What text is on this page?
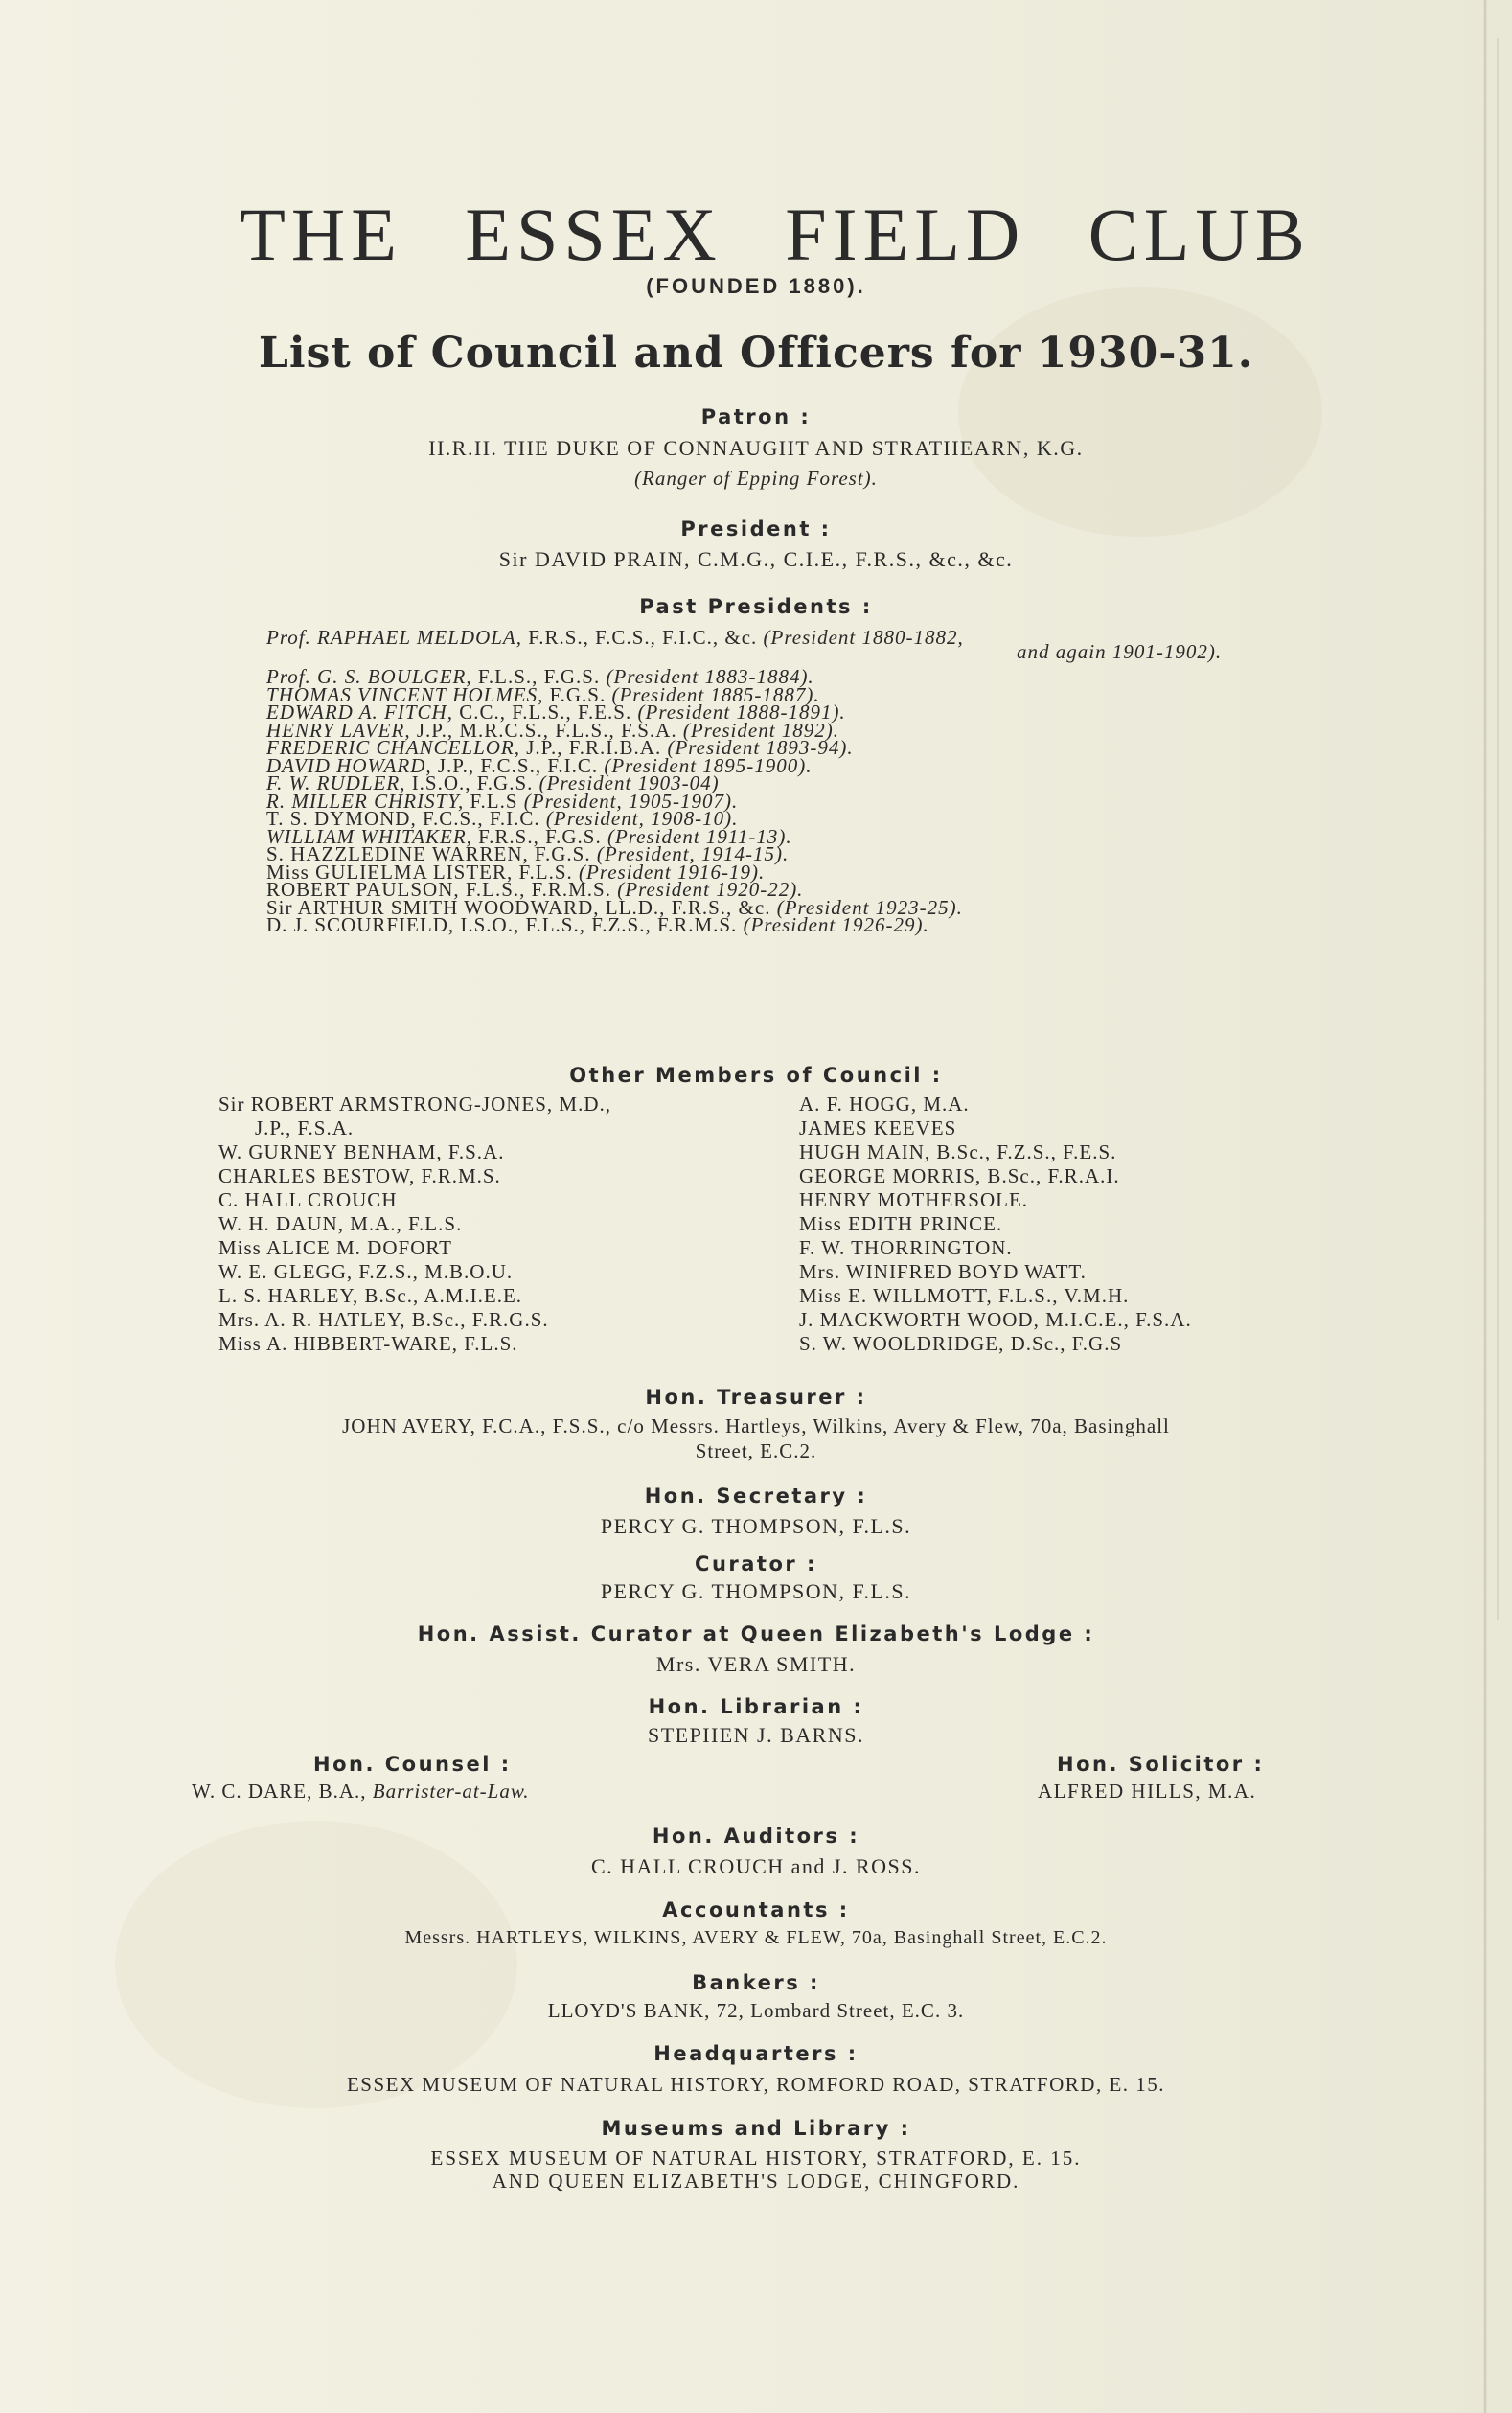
THE ESSEX FIELD CLUB
(FOUNDED 1880).
List of Council and Officers for 1930-31.
Patron :
H.R.H. THE DUKE OF CONNAUGHT AND STRATHEARN, K.G.
(Ranger of Epping Forest).
President :
Sir DAVID PRAIN, C.M.G., C.I.E., F.R.S., &c., &c.
Past Presidents :
Prof. RAPHAEL MELDOLA, F.R.S., F.C.S., F.I.C., &c. (President 1880-1882,
and again 1901-1902).
Prof. G. S. BOULGER, F.L.S., F.G.S. (President 1883-1884).
THOMAS VINCENT HOLMES, F.G.S. (President 1885-1887).
EDWARD A. FITCH, C.C., F.L.S., F.E.S. (President 1888-1891).
HENRY LAVER, J.P., M.R.C.S., F.L.S., F.S.A. (President 1892).
FREDERIC CHANCELLOR, J.P., F.R.I.B.A. (President 1893-94).
DAVID HOWARD, J.P., F.C.S., F.I.C. (President 1895-1900).
F. W. RUDLER, I.S.O., F.G.S. (President 1903-04)
R. MILLER CHRISTY, F.L.S (President, 1905-1907).
T. S. DYMOND, F.C.S., F.I.C. (President, 1908-10).
WILLIAM WHITAKER, F.R.S., F.G.S. (President 1911-13).
S. HAZZLEDINE WARREN, F.G.S. (President, 1914-15).
Miss GULIELMA LISTER, F.L.S. (President 1916-19).
ROBERT PAULSON, F.L.S., F.R.M.S. (President 1920-22).
Sir ARTHUR SMITH WOODWARD, LL.D., F.R.S., &c. (President 1923-25).
D. J. SCOURFIELD, I.S.O., F.L.S., F.Z.S., F.R.M.S. (President 1926-29).
Other Members of Council :
Sir ROBERT ARMSTRONG-JONES, M.D.,
J.P., F.S.A.
W. GURNEY BENHAM, F.S.A.
CHARLES BESTOW, F.R.M.S.
C. HALL CROUCH
W. H. DAUN, M.A., F.L.S.
Miss ALICE M. DOFORT
W. E. GLEGG, F.Z.S., M.B.O.U.
L. S. HARLEY, B.Sc., A.M.I.E.E.
Mrs. A. R. HATLEY, B.Sc., F.R.G.S.
Miss A. HIBBERT-WARE, F.L.S.
A. F. HOGG, M.A.
JAMES KEEVES
HUGH MAIN, B.Sc., F.Z.S., F.E.S.
GEORGE MORRIS, B.Sc., F.R.A.I.
HENRY MOTHERSOLE.
Miss EDITH PRINCE.
F. W. THORRINGTON.
Mrs. WINIFRED BOYD WATT.
Miss E. WILLMOTT, F.L.S., V.M.H.
J. MACKWORTH WOOD, M.I.C.E., F.S.A.
S. W. WOOLDRIDGE, D.Sc., F.G.S
Hon. Treasurer :
JOHN AVERY, F.C.A., F.S.S., c/o Messrs. Hartleys, Wilkins, Avery & Flew, 70a, Basinghall
Street, E.C.2.
Hon. Secretary :
PERCY G. THOMPSON, F.L.S.
Curator :
PERCY G. THOMPSON, F.L.S.
Hon. Assist. Curator at Queen Elizabeth's Lodge :
Mrs. VERA SMITH.
Hon. Librarian :
STEPHEN J. BARNS.
Hon. Counsel :
W. C. DARE, B.A., Barrister-at-Law.
Hon. Solicitor :
ALFRED HILLS, M.A.
Hon. Auditors :
C. HALL CROUCH and J. ROSS.
Accountants :
Messrs. HARTLEYS, WILKINS, AVERY & FLEW, 70a, Basinghall Street, E.C.2.
Bankers :
LLOYD'S BANK, 72, Lombard Street, E.C. 3.
Headquarters :
ESSEX MUSEUM OF NATURAL HISTORY, ROMFORD ROAD, STRATFORD, E. 15.
Museums and Library :
ESSEX MUSEUM OF NATURAL HISTORY, STRATFORD, E. 15.
AND QUEEN ELIZABETH'S LODGE, CHINGFORD.
